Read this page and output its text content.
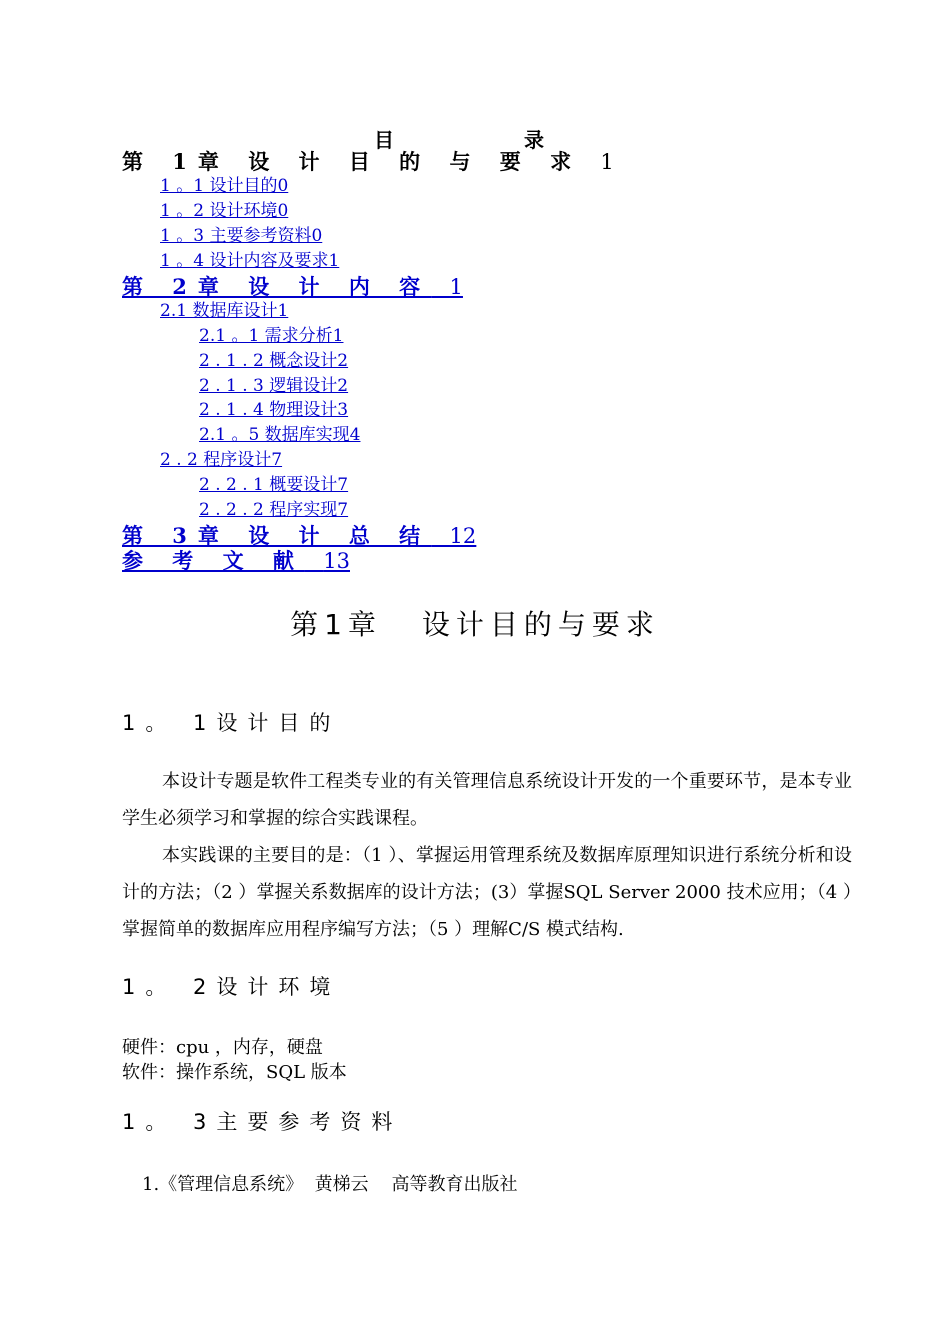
目	录
第 1章 设 计 目 的 与 要 求 1
1 。1 设计目的0
1 。2 设计环境0
1 。3 主要参考资料0
1 。4 设计内容及要求1
第 2章 设 计 内 容 1
2.1 数据库设计1
2.1 。1 需求分析1
2 . 1 . 2 概念设计2
2 . 1 . 3 逻辑设计2
2 . 1 . 4 物理设计3
2.1 。5 数据库实现4
2 . 2 程序设计7
2 . 2 . 1 概要设计7
2 . 2 . 2 程序实现7
第 3章 设 计 总 结 12
参 考 文 献 13
第1章 设计目的与要求
1。 1设计目的

本设计专题是软件工程类专业的有关管理信息系统设计开发的一个重要环节，是本专业学生必须学习和掌握的综合实践课程。

本实践课的主要目的是：（1 ）、掌握运用管理系统及数据库原理知识进行系统分析和设计的方法；（2 ）掌握关系数据库的设计方法；(3）掌握SQL Server 2000 技术应用；（4 ）掌握简单的数据库应用程序编写方法；（5 ）理解C/S 模式结构.

1。 2设计环境
硬件：cpu ，内存，硬盘
软件：操作系统，SQL 版本
1。 3主要参考资料
1.《管理信息系统》  黄梯云    高等教育出版社
